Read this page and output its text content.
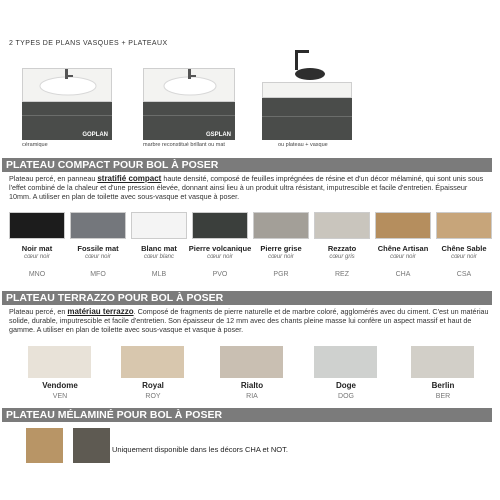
2 TYPES DE PLANS VASQUES + PLATEAUX
GOPLAN
céramique
GSPLAN
marbre reconstitué brillant ou mat	ou plateau + vasque
PLATEAU COMPACT POUR BOL À POSER
Plateau percé, en panneau stratifié compact haute densité, composé de feuilles imprégnées de résine et d'un décor mélaminé, qui sont unis sous l'effet combiné de la chaleur et d'une pression élevée, donnant ainsi lieu à un produit ultra résistant, imputrescible et facile d'entretien. Épaisseur 10mm. A utiliser en plan de toilette avec sous-vasque et vasque à poser.
Noir mat
cœur noir
MNO
Fossile mat
cœur noir
MFO
Blanc mat
cœur blanc
MLB
Pierre volcanique
cœur noir
PVO
Pierre grise
cœur noir
PGR
Rezzato
cœur gris
REZ
Chêne Artisan
cœur noir
CHA
Chêne Sable
cœur noir
CSA
PLATEAU TERRAZZO POUR BOL À POSER
Plateau percé, en matériau terrazzo. Composé de fragments de pierre naturelle et de marbre coloré, agglomérés avec du ciment. C'est un matériau solide, durable, imputrescible et facile d'entretien. Son épaisseur de 12 mm avec des chants pleine masse lui confère un aspect massif et haut de gamme. A utiliser en plan de toilette avec sous-vasque et vasque à poser.
Vendome
VEN
Royal
ROY
Rialto
RIA
Doge
DOG
Berlin
BER
PLATEAU MÉLAMINÉ POUR BOL À POSER
Uniquement disponible dans les décors CHA et NOT.
